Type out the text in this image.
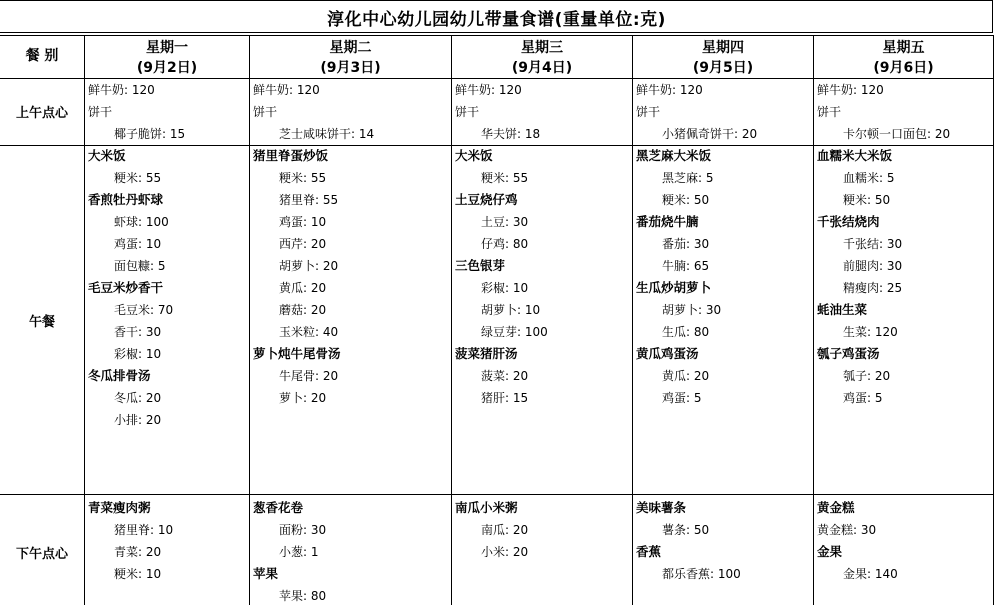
淳化中心幼儿园幼儿带量食谱(重量单位:克)
餐 别	星期一
(9月2日)
星期二
(9月3日)
星期三
(9月4日)
星期四
(9月5日)
星期五
(9月6日)
上午点心
午餐
下午点心
鲜牛奶: 120
饼干
椰子脆饼: 15
鲜牛奶: 120
饼干
芝士咸味饼干: 14
鲜牛奶: 120
饼干
华夫饼: 18
鲜牛奶: 120
饼干
小猪佩奇饼干: 20
鲜牛奶: 120
饼干
卡尔顿一口面包: 20
大米饭
粳米: 55
香煎牡丹虾球
虾球: 100
鸡蛋: 10
面包糠: 5
毛豆米炒香干
毛豆米: 70
香干: 30
彩椒: 10
冬瓜排骨汤
冬瓜: 20
小排: 20
猪里脊蛋炒饭
粳米: 55
猪里脊: 55
鸡蛋: 10
西芹: 20
胡萝卜: 20
黄瓜: 20
蘑菇: 20
玉米粒: 40
萝卜炖牛尾骨汤
牛尾骨: 20
萝卜: 20
大米饭
粳米: 55
土豆烧仔鸡
土豆: 30
仔鸡: 80
三色银芽
彩椒: 10
胡萝卜: 10
绿豆芽: 100
菠菜猪肝汤
菠菜: 20
猪肝: 15
黑芝麻大米饭
黑芝麻: 5
粳米: 50
番茄烧牛腩
番茄: 30
牛腩: 65
生瓜炒胡萝卜
胡萝卜: 30
生瓜: 80
黄瓜鸡蛋汤
黄瓜: 20
鸡蛋: 5
血糯米大米饭
血糯米: 5
粳米: 50
千张结烧肉
千张结: 30
前腿肉: 30
精瘦肉: 25
蚝油生菜
生菜: 120
瓠子鸡蛋汤
瓠子: 20
鸡蛋: 5
青菜瘦肉粥
猪里脊: 10
青菜: 20
粳米: 10
葱香花卷
面粉: 30
小葱: 1
苹果
苹果: 80
南瓜小米粥
南瓜: 20
小米: 20
美味薯条
薯条: 50
香蕉
都乐香蕉: 100
黄金糕
黄金糕: 30
金果
金果: 140
